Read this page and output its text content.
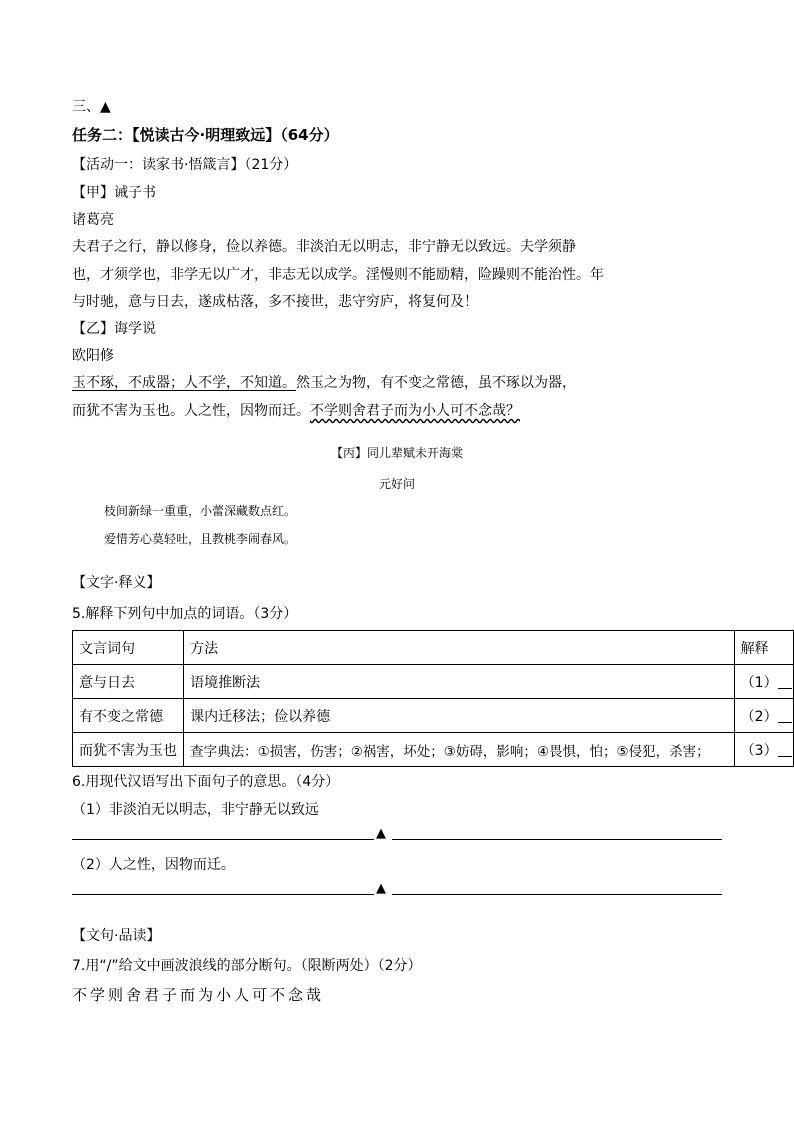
三、▲
任务二：【悦读古今·明理致远】（64分）
【活动一：读家书·悟箴言】（21分）
【甲】诫子书
诸葛亮
夫君子之行，静以修身，俭以养德。非淡泊无以明志，非宁静无以致远。夫学须静
也，才须学也，非学无以广才，非志无以成学。淫慢则不能励精，险躁则不能治性。年
与时驰，意与日去，遂成枯落，多不接世，悲守穷庐，将复何及！
【乙】诲学说
欧阳修
玉不琢，不成器；人不学，不知道。然玉之为物，有不变之常德，虽不琢以为器，
而犹不害为玉也。人之性，因物而迁。不学则舍君子而为小人可不念哉？
【丙】同儿辈赋未开海棠
元好问
枝间新绿一重重，小蕾深藏数点红。
爱惜芳心莫轻吐，且教桃李闹春风。
【文字·释义】
5.解释下列句中加点的词语。（3分）
文言词句	方法	解释
意与日去	语境推断法	（1）
有不变之常德	课内迁移法；俭以养德	（2）
而犹不害为玉也	查字典法：①损害，伤害；②祸害，坏处；③妨碍，影响；④畏惧，怕；⑤侵犯，杀害；	（3）
6.用现代汉语写出下面句子的意思。（4分）
（1）非淡泊无以明志，非宁静无以致远
▲
（2）人之性，因物而迁。
▲
【文句·品读】
7.用“/”给文中画波浪线的部分断句。（限断两处）（2分）
不学则舍君子而为小人可不念哉
